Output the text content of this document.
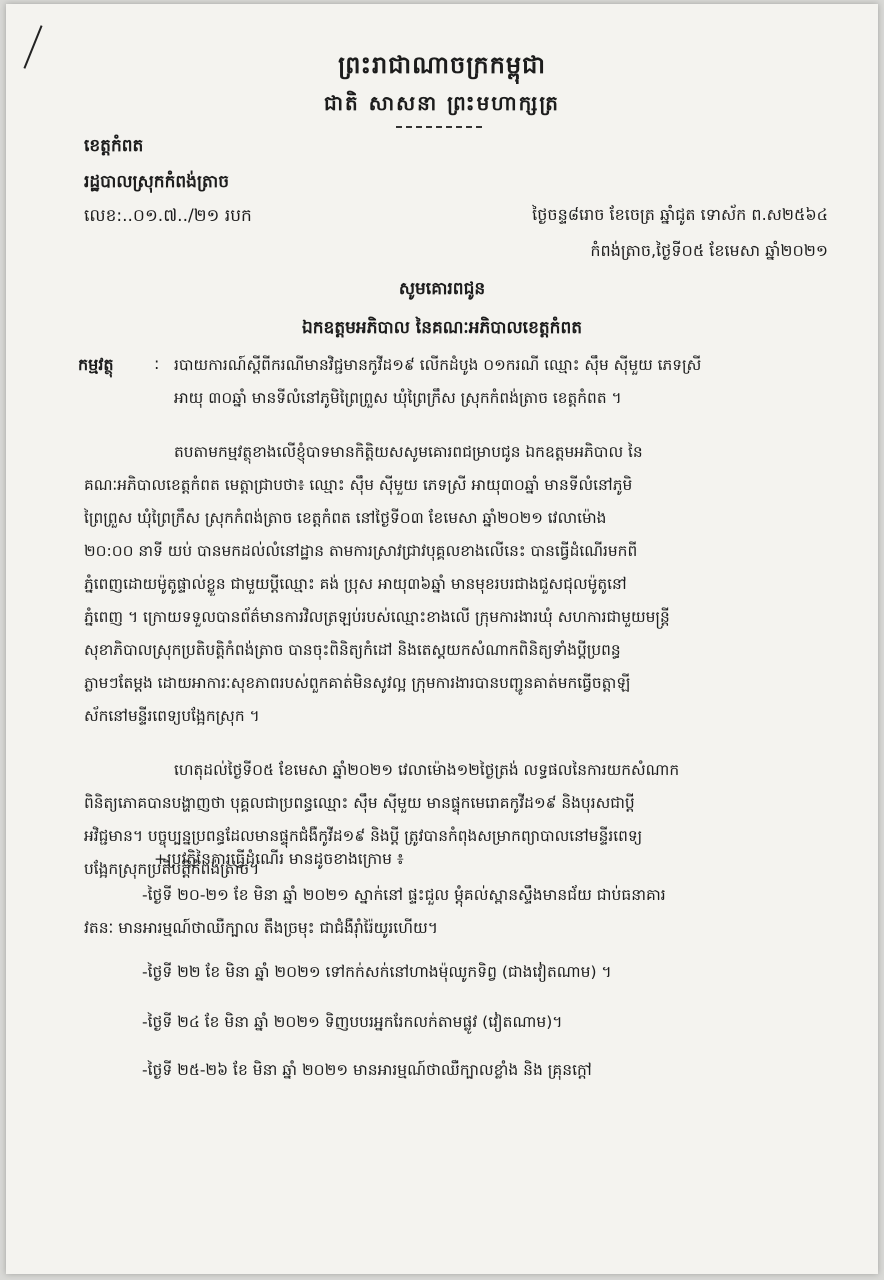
ព្រះរាជាណាចក្រកម្ពុជា
ជាតិ សាសនា ព្រះមហាក្សត្រ
ខេត្តកំពត
រដ្ឋបាលស្រុកកំពង់ត្រាច
លេខ:..០១.៧../២១ របក	ថ្ងៃចន្ទ៨រោច ខែចេត្រ ឆ្នាំជូត ទោស័ក ព.ស២៥៦៤
កំពង់ត្រាច,ថ្ងៃទី០៥ ខែមេសា ឆ្នាំ២០២១
សូមគោរពជូន
ឯកឧត្តមអភិបាល នៃគណៈអភិបាលខេត្តកំពត
កម្មវត្ថុ	: របាយការណ៍ស្តីពីករណីមានវិជ្ជមានកូវីដ១៩ លើកដំបូង ០១ករណី ឈ្មោះ ស៊ឹម ស៊ីមួយ ភេទស្រី
អាយុ ៣០ឆ្នាំ មានទីលំនៅភូមិព្រៃព្រួស ឃុំព្រៃក្រឹស ស្រុកកំពង់ត្រាច ខេត្តកំពត ។
តបតាមកម្មវត្ថុខាងលើខ្ញុំបាទមានកិត្តិយសសូមគោរពជម្រាបជូន ឯកឧត្តមអភិបាល នៃ
គណៈអភិបាលខេត្តកំពត មេត្តាជ្រាបថា៖ ឈ្មោះ ស៊ឹម ស៊ីមួយ ភេទស្រី អាយុ៣០ឆ្នាំ មានទីលំនៅភូមិ
ព្រៃព្រួស ឃុំព្រៃក្រឹស ស្រុកកំពង់ត្រាច ខេត្តកំពត នៅថ្ងៃទី០៣ ខែមេសា ឆ្នាំ២០២១ វេលាម៉ោង
២០:០០ នាទី យប់ បានមកដល់លំនៅដ្ឋាន តាមការស្រាវជ្រាវបុគ្គលខាងលើនេះ បានធ្វើដំណើរមកពី
ភ្នំពេញដោយម៉ូតូផ្ទាល់ខ្លួន ជាមួយប្តីឈ្មោះ គង់ ប្រុស អាយុ៣៦ឆ្នាំ មានមុខរបរជាងជួសជុលម៉ូតូនៅ
ភ្នំពេញ ។ ក្រោយទទួលបានព័ត៌មានការវិលត្រឡប់របស់ឈ្មោះខាងលើ ក្រុមការងារឃុំ សហការជាមួយមន្ត្រី
សុខាភិបាលស្រុកប្រតិបត្តិកំពង់ត្រាច បានចុះពិនិត្យកំដៅ និងតេស្តយកសំណាកពិនិត្យទាំងប្តីប្រពន្ធ
ភ្លាមៗតែម្តង ដោយអាការៈសុខភាពរបស់ពួកគាត់មិនសូវល្អ ក្រុមការងារបានបញ្ជូនគាត់មកធ្វើចត្តាឡី
ស័កនៅមន្ទីរពេទ្យបង្អែកស្រុក ។
ហេតុដល់ថ្ងៃទី០៥ ខែមេសា ឆ្នាំ២០២១ វេលាម៉ោង១២ថ្ងៃត្រង់ លទ្ធផលនៃការយកសំណាក
ពិនិត្យភោគបានបង្ហាញថា បុគ្គលជាប្រពន្ធឈ្មោះ ស៊ឹម ស៊ីមួយ មានផ្ទុកមេរោគកូវីដ១៩ និងបុរសជាប្តី
អវិជ្ជមាន។ បច្ចុប្បន្នប្រពន្ធដែលមានផ្ទុកជំងឺកូវីដ១៩ និងប្តី ត្រូវបានកំពុងសម្រាកព្យាបាលនៅមន្ទីរពេទ្យ
បង្អែកស្រុកប្រតិបត្តិកំពង់ត្រាច។
+ប្រវត្តិនៃការធ្វើដំណើរ មានដូចខាងក្រោម ៖
-ថ្ងៃទី ២០-២១ ខែ មិនា ឆ្នាំ ២០២១ ស្នាក់នៅ ផ្ទះជួល ម្តុំគល់ស្ពានស្ទឹងមានជ័យ ជាប់ធនាគារ
វតនៈ មានអារម្មណ៍ថាឈឺក្បាល តឹងច្រមុះ ជាជំងឺរ៉ាំរ៉ៃយូរហើយ។
-ថ្ងៃទី ២២ ខែ មិនា ឆ្នាំ ២០២១ ទៅកក់សក់នៅហាងម៉ុឈូកទិព្វ (ជាងវៀតណាម) ។
-ថ្ងៃទី ២៤ ខែ មិនា ឆ្នាំ ២០២១ ទិញបបរអ្នករែកលក់តាមផ្លូវ (វៀតណាម)។
-ថ្ងៃទី ២៥-២៦ ខែ មិនា ឆ្នាំ ២០២១ មានអារម្មណ៍ថាឈឺក្បាលខ្លាំង និង គ្រុនក្តៅ
